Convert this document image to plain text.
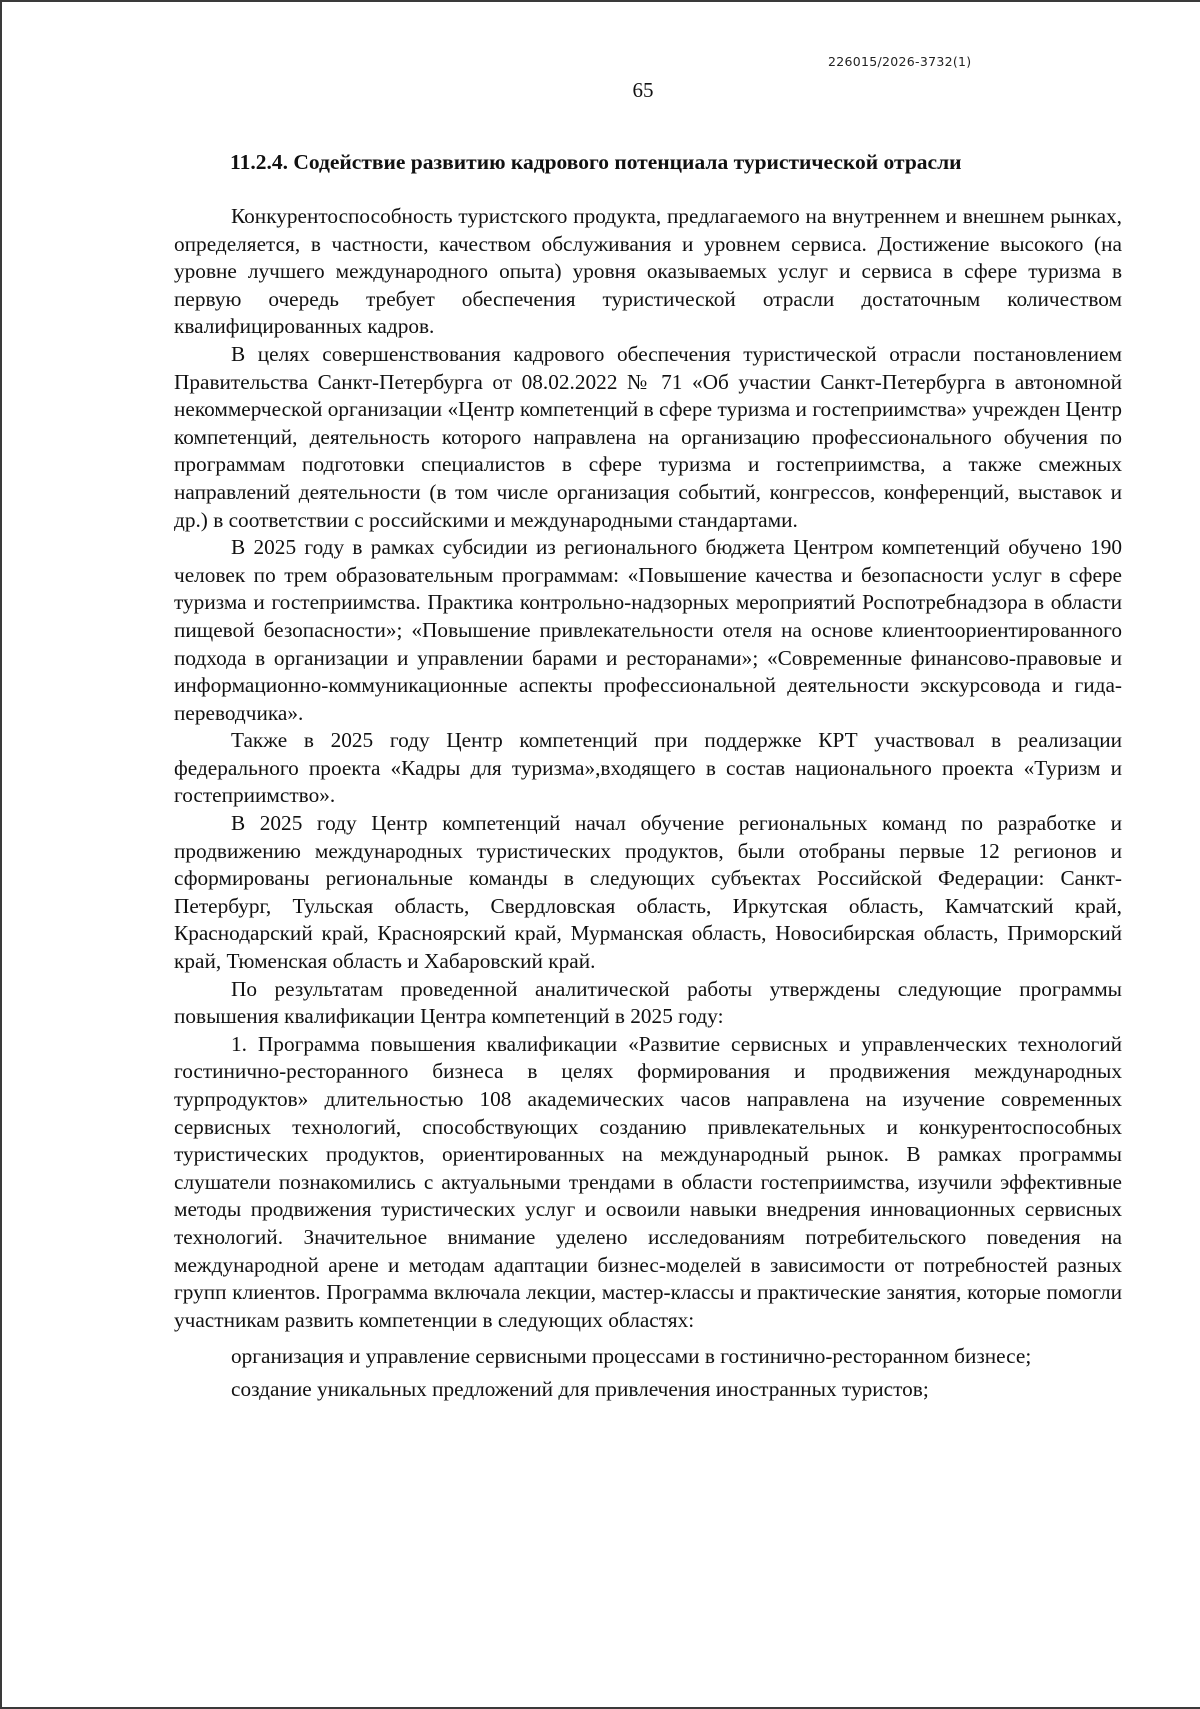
226015/2026-3732(1)
65
11.2.4. Содействие развитию кадрового потенциала туристической отрасли

Конкурентоспособность туристского продукта, предлагаемого на внутреннем и внешнем рынках, определяется, в частности, качеством обслуживания и уровнем сервиса. Достижение высокого (на уровне лучшего международного опыта) уровня оказываемых услуг и сервиса в сфере туризма в первую очередь требует обеспечения туристической отрасли достаточным количеством квалифицированных кадров.

В целях совершенствования кадрового обеспечения туристической отрасли постановлением Правительства Санкт-Петербурга от 08.02.2022 № 71 «Об участии Санкт-Петербурга в автономной некоммерческой организации «Центр компетенций в сфере туризма и гостеприимства» учрежден Центр компетенций, деятельность которого направлена на организацию профессионального обучения по программам подготовки специалистов в сфере туризма и гостеприимства, а также смежных направлений деятельности (в том числе организация событий, конгрессов, конференций, выставок и др.) в соответствии с российскими и международными стандартами.

В 2025 году в рамках субсидии из регионального бюджета Центром компетенций обучено 190 человек по трем образовательным программам: «Повышение качества и безопасности услуг в сфере туризма и гостеприимства. Практика контрольно-надзорных мероприятий Роспотребнадзора в области пищевой безопасности»; «Повышение привлекательности отеля на основе клиентоориентированного подхода в организации и управлении барами и ресторанами»; «Современные финансово-правовые и информационно-коммуникационные аспекты профессиональной деятельности экскурсовода и гида-переводчика».

Также в 2025 году Центр компетенций при поддержке КРТ участвовал в реализации федерального проекта «Кадры для туризма»,входящего в состав национального проекта «Туризм и гостеприимство».

В 2025 году Центр компетенций начал обучение региональных команд по разработке и продвижению международных туристических продуктов, были отобраны первые 12 регионов и сформированы региональные команды в следующих субъектах Российской Федерации: Санкт-Петербург, Тульская область, Свердловская область, Иркутская область, Камчатский край, Краснодарский край, Красноярский край, Мурманская область, Новосибирская область, Приморский край, Тюменская область и Хабаровский край.

По результатам проведенной аналитической работы утверждены следующие программы повышения квалификации Центра компетенций в 2025 году:

1. Программа повышения квалификации «Развитие сервисных и управленческих технологий гостинично-ресторанного бизнеса в целях формирования и продвижения международных турпродуктов» длительностью 108 академических часов направлена на изучение современных сервисных технологий, способствующих созданию привлекательных и конкурентоспособных туристических продуктов, ориентированных на международный рынок. В рамках программы слушатели познакомились с актуальными трендами в области гостеприимства, изучили эффективные методы продвижения туристических услуг и освоили навыки внедрения инновационных сервисных технологий. Значительное внимание уделено исследованиям потребительского поведения на международной арене и методам адаптации бизнес-моделей в зависимости от потребностей разных групп клиентов. Программа включала лекции, мастер-классы и практические занятия, которые помогли участникам развить компетенции в следующих областях:

организация и управление сервисными процессами в гостинично-ресторанном бизнесе;

создание уникальных предложений для привлечения иностранных туристов;
